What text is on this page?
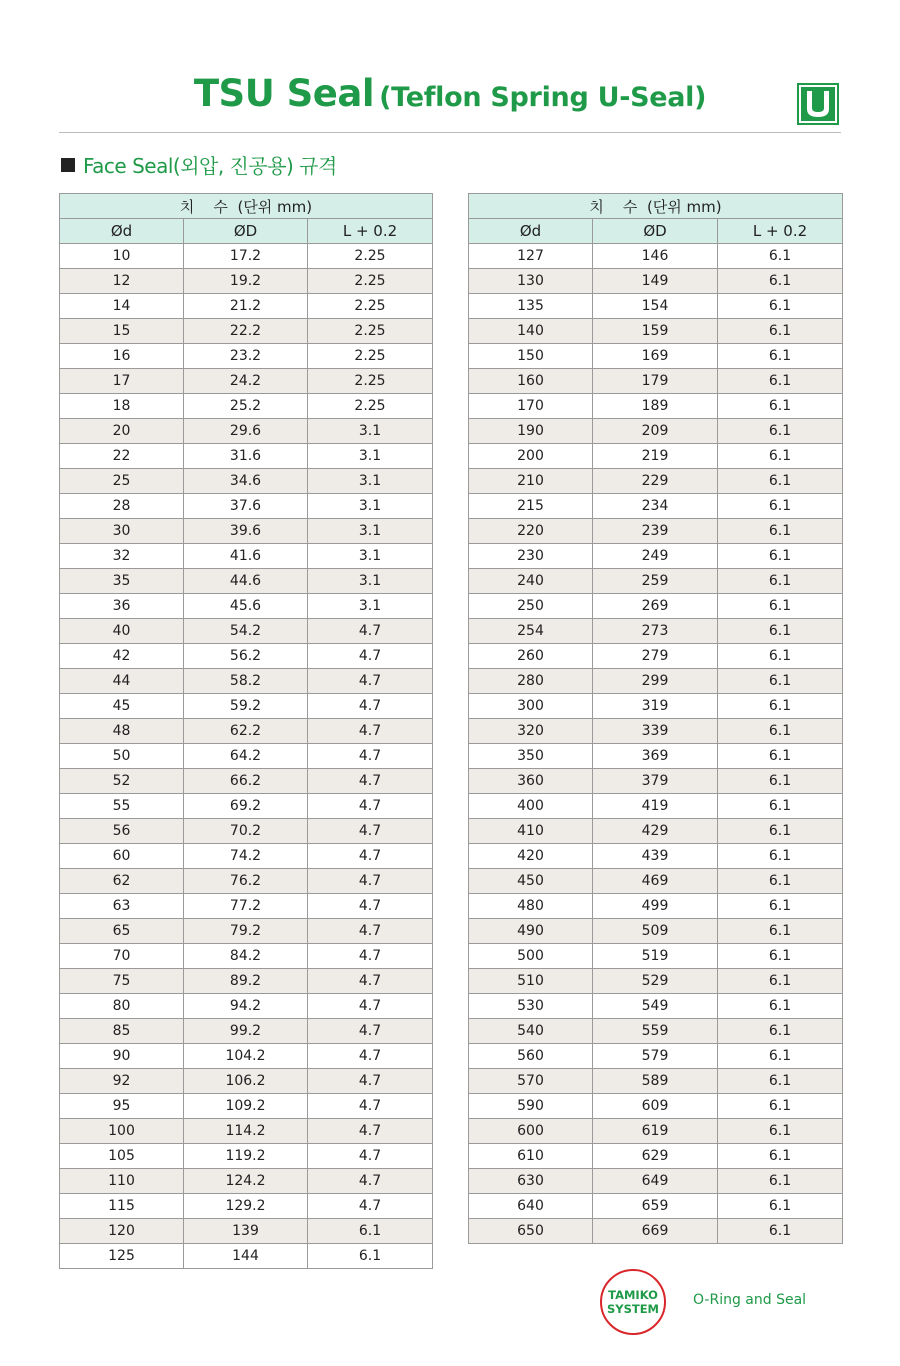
TSU Seal (Teflon Spring U-Seal)
Face Seal(외압, 진공용) 규격
치    수  (단위 mm)		
Ød	ØD	L + 0.2
10	17.2	2.25
12	19.2	2.25
14	21.2	2.25
15	22.2	2.25
16	23.2	2.25
17	24.2	2.25
18	25.2	2.25
20	29.6	3.1
22	31.6	3.1
25	34.6	3.1
28	37.6	3.1
30	39.6	3.1
32	41.6	3.1
35	44.6	3.1
36	45.6	3.1
40	54.2	4.7
42	56.2	4.7
44	58.2	4.7
45	59.2	4.7
48	62.2	4.7
50	64.2	4.7
52	66.2	4.7
55	69.2	4.7
56	70.2	4.7
60	74.2	4.7
62	76.2	4.7
63	77.2	4.7
65	79.2	4.7
70	84.2	4.7
75	89.2	4.7
80	94.2	4.7
85	99.2	4.7
90	104.2	4.7
92	106.2	4.7
95	109.2	4.7
100	114.2	4.7
105	119.2	4.7
110	124.2	4.7
115	129.2	4.7
120	139	6.1
125	144	6.1
치    수  (단위 mm)		
Ød	ØD	L + 0.2
127	146	6.1
130	149	6.1
135	154	6.1
140	159	6.1
150	169	6.1
160	179	6.1
170	189	6.1
190	209	6.1
200	219	6.1
210	229	6.1
215	234	6.1
220	239	6.1
230	249	6.1
240	259	6.1
250	269	6.1
254	273	6.1
260	279	6.1
280	299	6.1
300	319	6.1
320	339	6.1
350	369	6.1
360	379	6.1
400	419	6.1
410	429	6.1
420	439	6.1
450	469	6.1
480	499	6.1
490	509	6.1
500	519	6.1
510	529	6.1
530	549	6.1
540	559	6.1
560	579	6.1
570	589	6.1
590	609	6.1
600	619	6.1
610	629	6.1
630	649	6.1
640	659	6.1
650	669	6.1
TAMIKO
SYSTEM
O-Ring and Seal
